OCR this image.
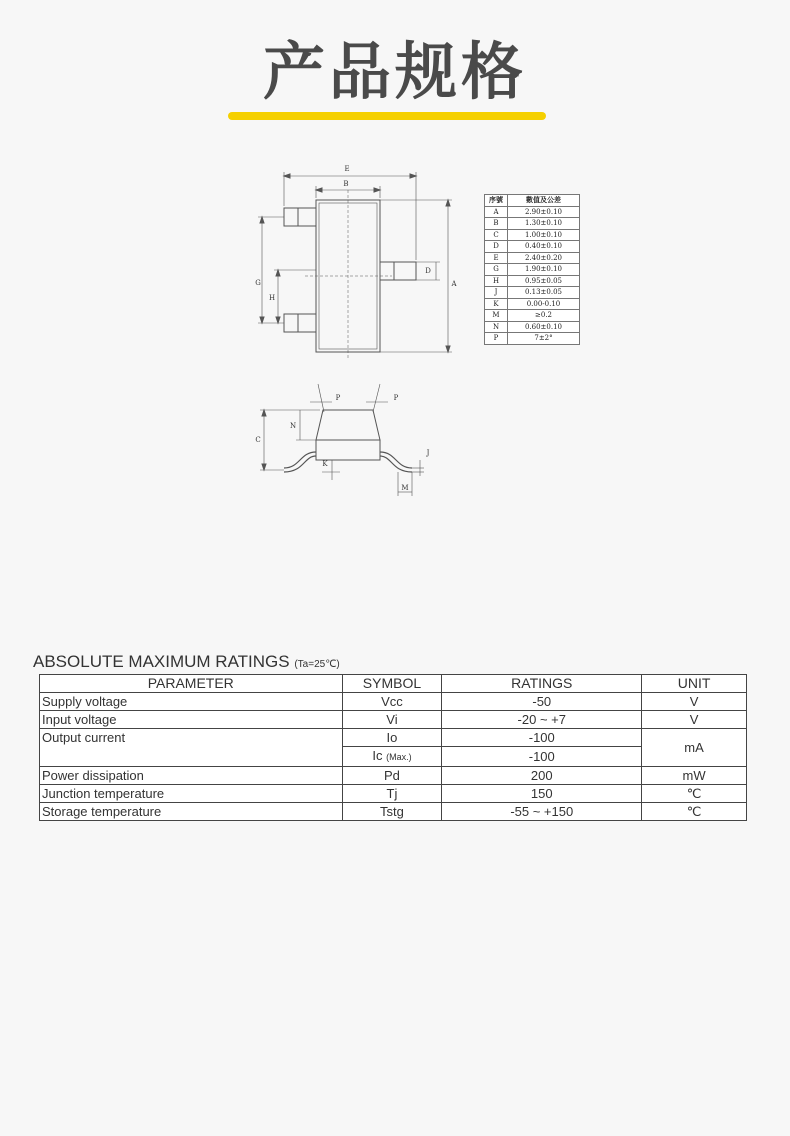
产品规格
E
B
G
H
D
A
C
N
K
P	P
J
M
序號	數值及公差
A	2.90±0.10
B	1.30±0.10
C	1.00±0.10
D	0.40±0.10
E	2.40±0.20
G	1.90±0.10
H	0.95±0.05
J	0.13±0.05
K	0.00-0.10
M	≥0.2
N	0.60±0.10
P	7±2°
ABSOLUTE MAXIMUM RATINGS (Ta=25℃)
PARAMETER	SYMBOL	RATINGS	UNIT
Supply voltage	Vcc	-50	V
Input voltage	Vi	-20 ~ +7	V
Output current	Io	-100	mA
	Ic (Max.)	-100	
Power dissipation	Pd	200	mW
Junction temperature	Tj	150	℃
Storage temperature	Tstg	-55 ~ +150	℃
